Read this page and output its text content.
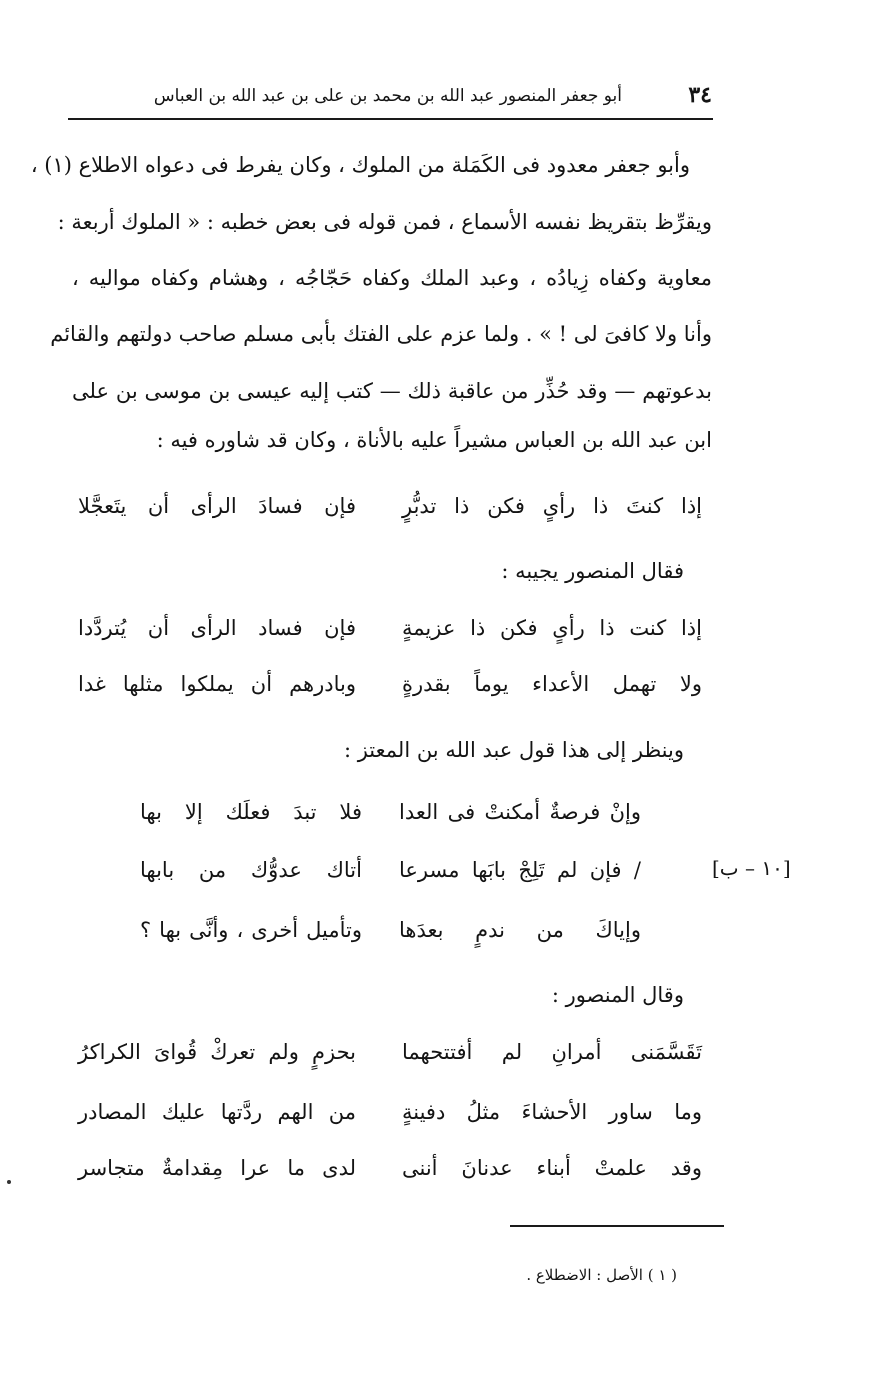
٣٤
أبو جعفر المنصور عبد الله بن محمد بن على بن عبد الله بن العباس
وأبو جعفر معدود فى الكَمَلة من الملوك ، وكان يفرط فى دعواه الاطلاع (١) ،
ويقرِّظ بتقريظ نفسه الأسماع ، فمن قوله فى بعض خطبه : « الملوك أربعة :
معاوية وكفاه زِيادُه ، وعبد الملك وكفاه حَجّاجُه ، وهشام وكفاه مواليه ،
وأنا ولا كافىَ لى ! » . ولما عزم على الفتك بأبى مسلم صاحب دولتهم والقائم
بدعوتهم — وقد حُذِّر من عاقبة ذلك — كتب إليه عيسى بن موسى بن على
ابن عبد الله بن العباس مشيراً عليه بالأناة ، وكان قد شاوره فيه :
إذا كنتَ ذا رأىٍ فكن ذا تدبُّرٍ
فإن فسادَ الرأى أن يتَعجَّلا
فقال المنصور يجيبه :
إذا كنت ذا رأىٍ فكن ذا عزيمةٍ
فإن فساد الرأى أن يُتردَّدا
ولا تهمل الأعداء يوماً بقدرةٍ
وبادرهم أن يملكوا مثلها غدا
وينظر إلى هذا قول عبد الله بن المعتز :
وإنْ فرصةٌ أمكنتْ فى العدا
فلا تبدَ فعلَك إلا بها
/ فإن لم تَلِجْ بابَها مسرعا
أتاك عدوُّك من بابها
وإياكَ من ندمٍ بعدَها
وتأميل أخرى ، وأنَّى بها ؟
[١٠ – ب]
وقال المنصور :
تَقَسَّمَنى أمرانِ لم أفتتحهما
بحزمٍ ولم تعركْ قُواىَ الكراكرُ
وما ساور الأحشاءَ مثلُ دفينةٍ
من الهم ردَّتها عليك المصادر
وقد علمتْ أبناء عدنانَ أننى
لدى ما عرا مِقدامةٌ متجاسر
( ١ ) الأصل : الاضطلاع .
